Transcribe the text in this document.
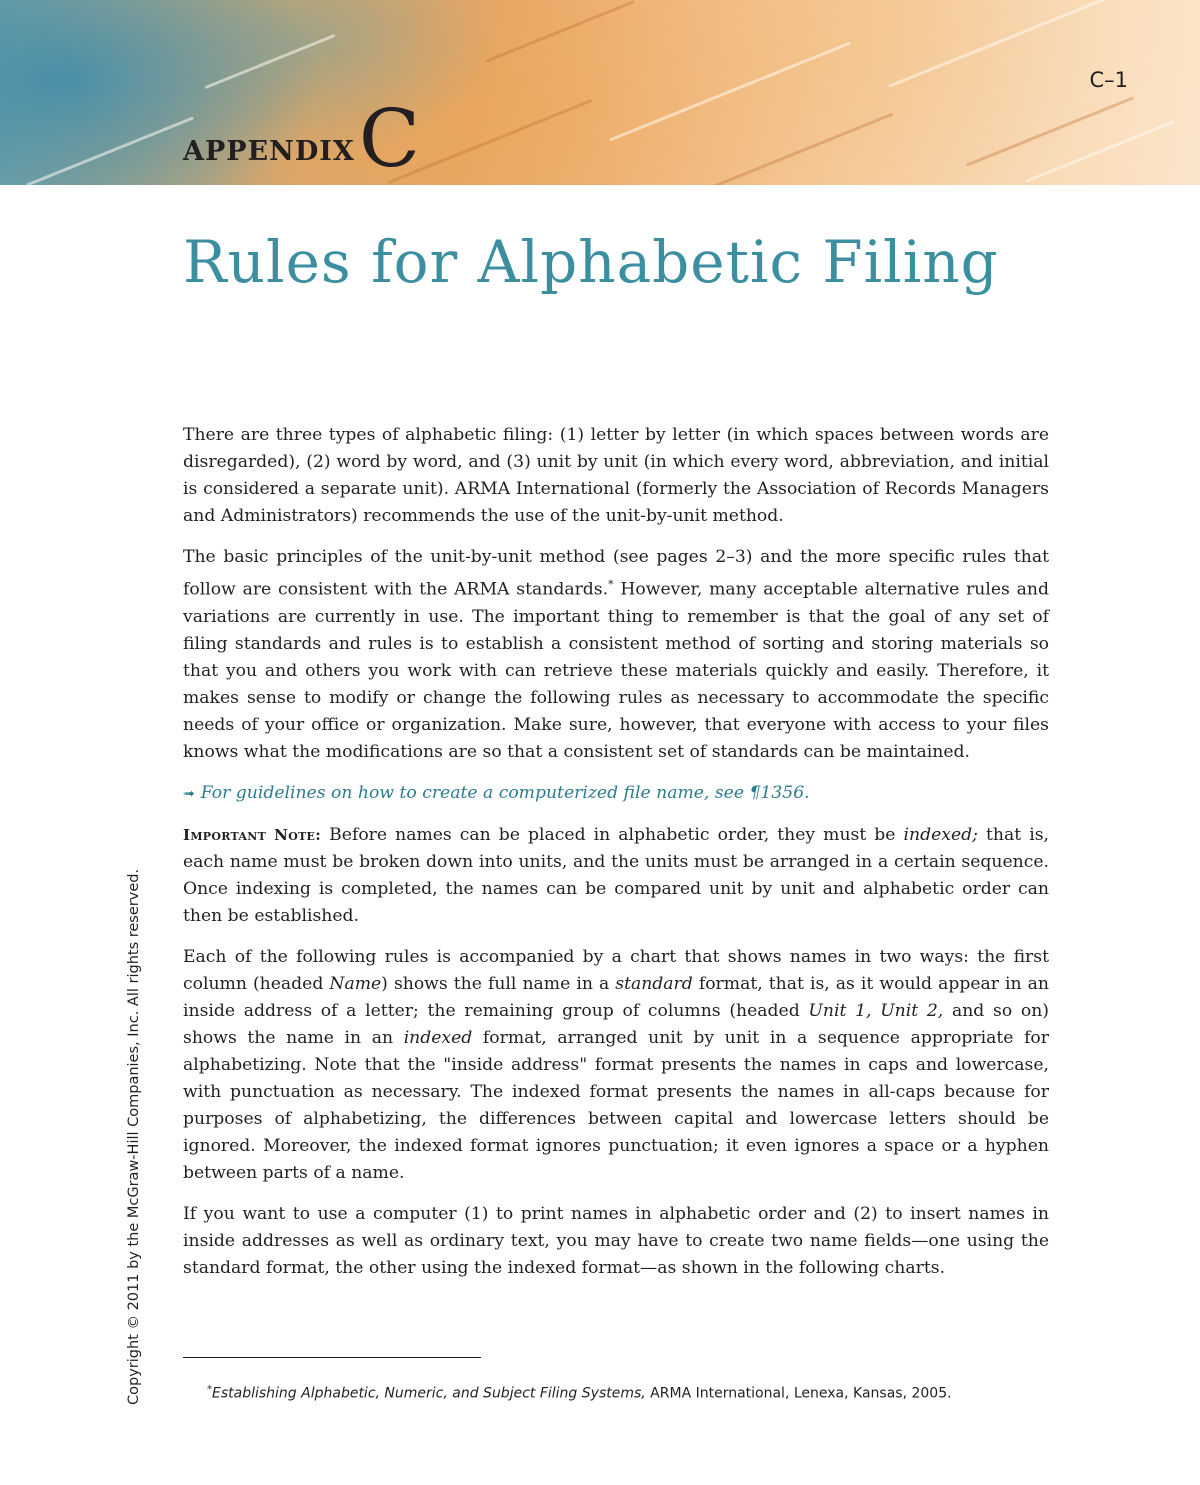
APPENDIX C
C–1
Rules for Alphabetic Filing
Copyright © 2011 by the McGraw-Hill Companies, Inc. All rights reserved.

There are three types of alphabetic filing: (1) letter by letter (in which spaces between words are disregarded), (2) word by word, and (3) unit by unit (in which every word, abbreviation, and initial is considered a separate unit). ARMA International (formerly the Association of Records Managers and Administrators) recommends the use of the unit-by-unit method.

The basic principles of the unit-by-unit method (see pages 2–3) and the more specific rules that follow are consistent with the ARMA standards.* However, many acceptable alternative rules and variations are currently in use. The important thing to remember is that the goal of any set of filing standards and rules is to establish a consistent method of sorting and storing materials so that you and others you work with can retrieve these materials quickly and easily. Therefore, it makes sense to modify or change the following rules as necessary to accommodate the specific needs of your office or organization. Make sure, however, that everyone with access to your files knows what the modifications are so that a consistent set of standards can be maintained.

➟ For guidelines on how to create a computerized file name, see ¶1356.

Important Note: Before names can be placed in alphabetic order, they must be indexed; that is, each name must be broken down into units, and the units must be arranged in a certain sequence. Once indexing is completed, the names can be compared unit by unit and alphabetic order can then be established.

Each of the following rules is accompanied by a chart that shows names in two ways: the first column (headed Name) shows the full name in a standard format, that is, as it would appear in an inside address of a letter; the remaining group of columns (headed Unit 1, Unit 2, and so on) shows the name in an indexed format, arranged unit by unit in a sequence appropriate for alphabetizing. Note that the "inside address" format presents the names in caps and lowercase, with punctuation as necessary. The indexed format presents the names in all-caps because for purposes of alphabetizing, the differences between capital and lowercase letters should be ignored. Moreover, the indexed format ignores punctuation; it even ignores a space or a hyphen between parts of a name.

If you want to use a computer (1) to print names in alphabetic order and (2) to insert names in inside addresses as well as ordinary text, you may have to create two name fields—one using the standard format, the other using the indexed format—as shown in the following charts.

*Establishing Alphabetic, Numeric, and Subject Filing Systems, ARMA International, Lenexa, Kansas, 2005.
